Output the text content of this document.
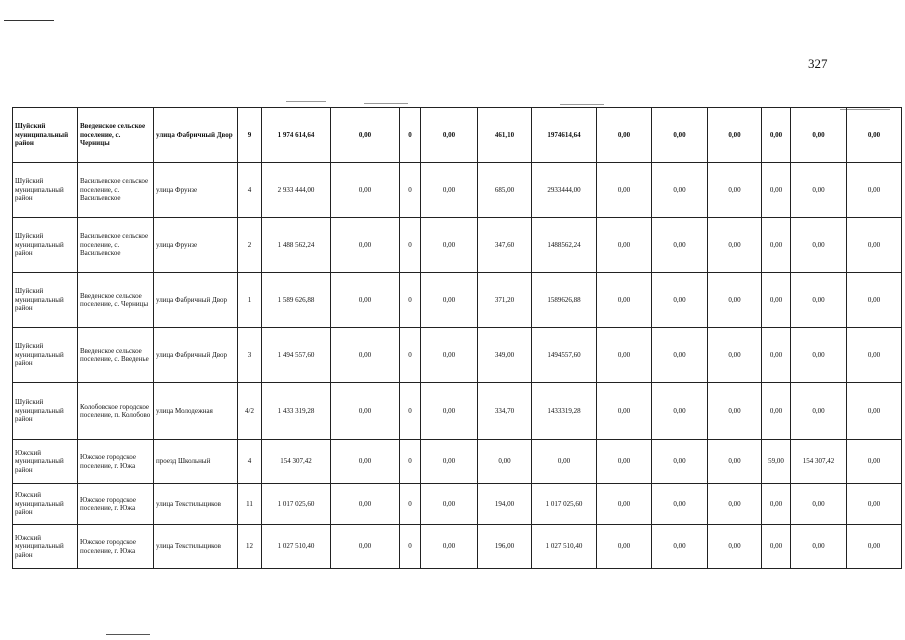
327
Шуйский муниципальный район	Введенское сельское поселение, с. Черницы	улица Фабричный Двор	9	1 974 614,64	0,00	0	0,00	461,10	1974614,64	0,00	0,00	0,00	0,00	0,00	0,00
Шуйский муниципальный район	Васильевское сельское поселение, с. Васильевское	улица Фрунзе	4	2 933 444,00	0,00	0	0,00	685,00	2933444,00	0,00	0,00	0,00	0,00	0,00	0,00
Шуйский муниципальный район	Васильевское сельское поселение, с. Васильевское	улица Фрунзе	2	1 488 562,24	0,00	0	0,00	347,60	1488562,24	0,00	0,00	0,00	0,00	0,00	0,00
Шуйский муниципальный район	Введенское сельское поселение, с. Черницы	улица Фабричный Двор	1	1 589 626,88	0,00	0	0,00	371,20	1589626,88	0,00	0,00	0,00	0,00	0,00	0,00
Шуйский муниципальный район	Введенское сельское поселение, с. Введенье	улица Фабричный Двор	3	1 494 557,60	0,00	0	0,00	349,00	1494557,60	0,00	0,00	0,00	0,00	0,00	0,00
Шуйский муниципальный район	Колобовское городское поселение, п. Колобово	улица Молодежная	4/2	1 433 319,28	0,00	0	0,00	334,70	1433319,28	0,00	0,00	0,00	0,00	0,00	0,00
Южский муниципальный район	Южское городское поселение, г. Южа	проезд Школьный	4	154 307,42	0,00	0	0,00	0,00	0,00	0,00	0,00	0,00	59,00	154 307,42	0,00
Южский муниципальный район	Южское городское поселение, г. Южа	улица Текстильщиков	11	1 017 025,60	0,00	0	0,00	194,00	1 017 025,60	0,00	0,00	0,00	0,00	0,00	0,00
Южский муниципальный район	Южское городское поселение, г. Южа	улица Текстильщиков	12	1 027 510,40	0,00	0	0,00	196,00	1 027 510,40	0,00	0,00	0,00	0,00	0,00	0,00
